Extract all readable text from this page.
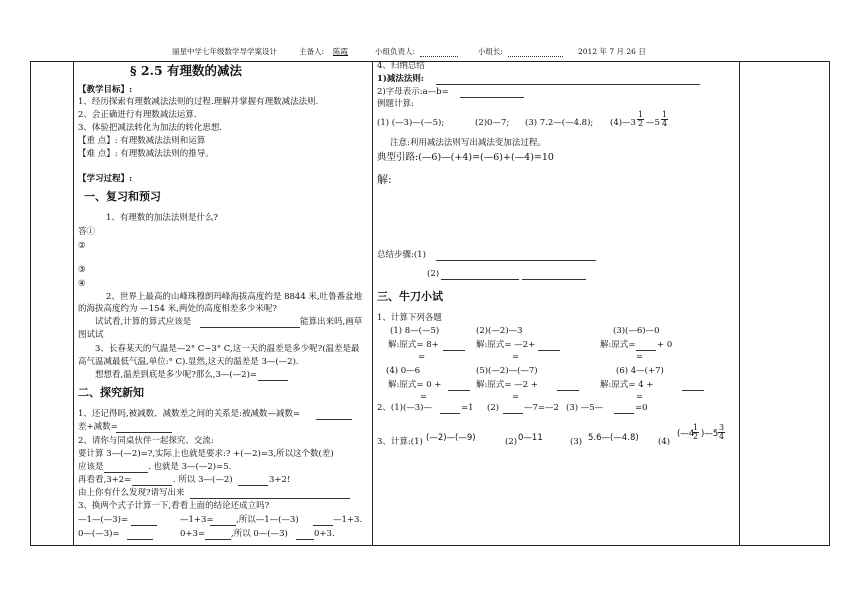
丽星中学七年级数学导学案设计	主备人: 陈霞	小组负责人:	小组长:	2012 年 7 月 26 日
§ 2.5 有理数的减法
【教学目标】:
1、经历探索有理数减法法则的过程.理解并掌握有理数减法法则.
2、会正确进行有理数减法运算.
3、体验把减法转化为加法的转化思想.
【重 点】: 有理数减法法则和运算
【难 点】: 有理数减法法则的推导。
【学习过程】:
一、复习和预习
1、有理数的加法法则是什么?
答①
②
③
④
2、世界上最高的山峰珠穆朗玛峰海拔高度约是 8844 米,吐鲁番盆地
的海拔高度约为 —154 米,两处的高度相差多少米呢?
试试看,计算的算式应该是	能算出来吗,画草
图试试
3、长春某天的气温是—2° C~3° C,这一天的温差是多少呢?(温差是最
高气温减最低气温,单位:° C).显然,这天的温差是 3—(—2).
想想看,温差到底是多少呢?那么,3—(—2)=
二、探究新知
1、还记得吗,被减数、减数差之间的关系是:被减数—减数=
差+减数=
2、请你与同桌伙伴一起探究、交流:
要计算 3—(—2)=?,实际上也就是要求:? +(—2)=3,所以这个数(差)
应该是	. 也就是 3—(—2)=5.
再看看,3+2=	. 所以 3—(—2)	3+2!
由上你有什么发现?请写出来
3、换两个式子计算一下,看看上面的结论还成立吗?
—1—(—3)=	—1+3=	,所以—1—(—3)	—1+3.
0—(—3)=	0+3=	,所以 0—(—3)	0+3.
4、归纳总结
1)减法法则:
2)字母表示:a—b=
例题计算:
(1) (—3)—(—5);	(2)0—7; (3) 7.2—(—4.8); (4)—3 $\frac{1}{2}$ —5 $\frac{1}{4}$
注意:利用减法法则写出减法变加法过程。
典型引路:(—6)—(+4)=(—6)+(—4)=10
解:
总结步骤:(1)
(2)
三、牛刀小试
1、计算下列各题
(1) 8—(—5)	(2)(—2)—3	(3)(—6)—0
解:原式= 8+	解:原式= —2+	解:原式=	+ 0
=	=	=
(4) 0—6	(5)(—2)—(—7)	(6) 4—(+7)
解:原式= 0 +	解:原式= —2 +	解:原式= 4 +
=	=	=
2、(1)(—3)—	=1 (2)	—7=—2 (3) —5—	=0
3、计算:(1) (—2)—(—9)	(2) 0—11	(3) 5.6—(—4.8) (4)
(—4
$\frac{1}{2}$ )—5 $\frac{3}{4}$
